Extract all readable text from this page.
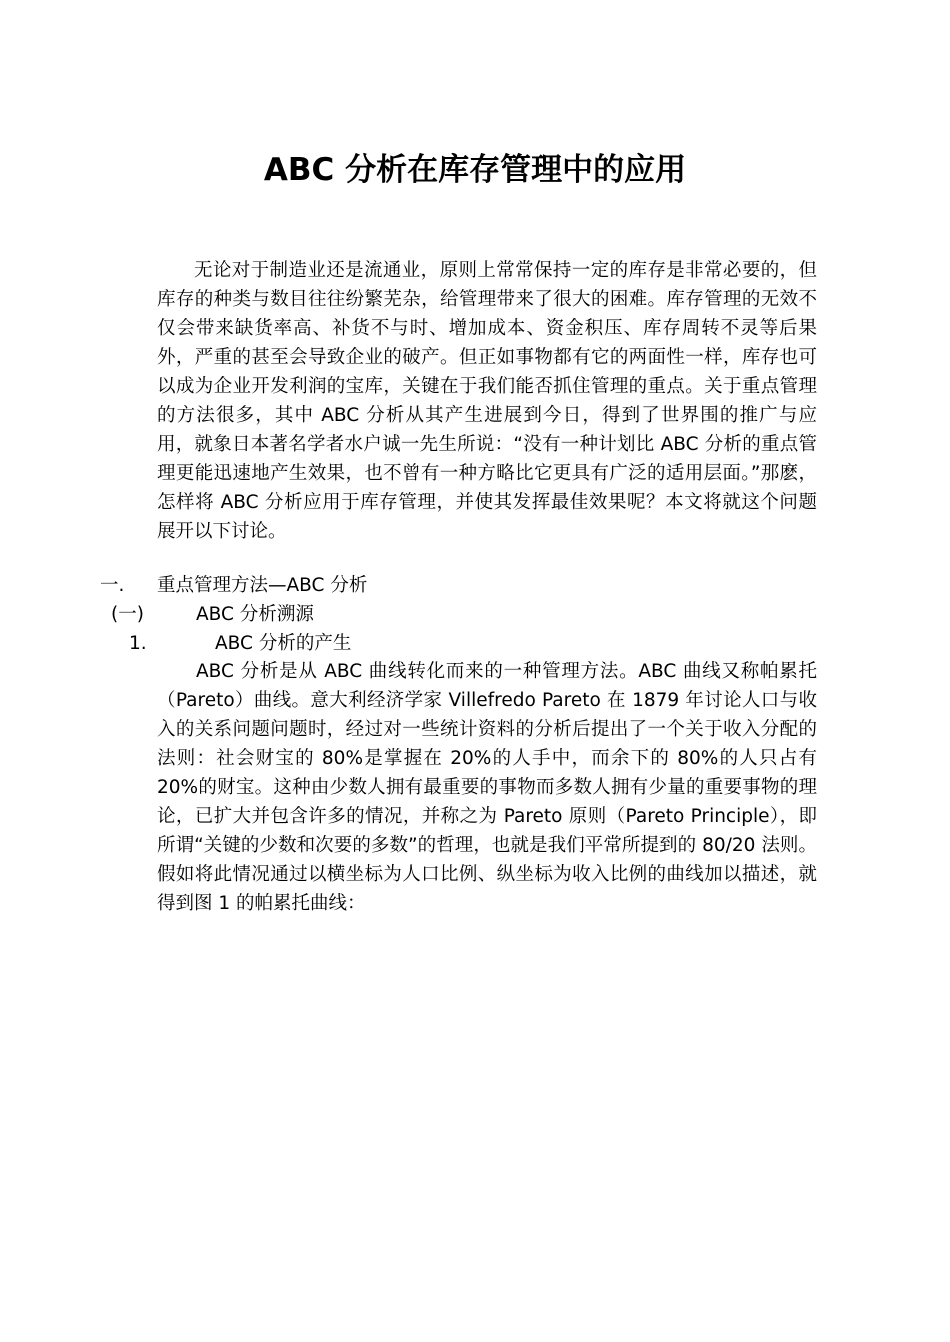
ABC 分析在库存管理中的应用

无论对于制造业还是流通业，原则上常常保持一定的库存是非常必要的，但库存的种类与数目往往纷繁芜杂，给管理带来了很大的困难。库存管理的无效不仅会带来缺货率高、补货不与时、增加成本、资金积压、库存周转不灵等后果外，严重的甚至会导致企业的破产。但正如事物都有它的两面性一样，库存也可以成为企业开发利润的宝库，关键在于我们能否抓住管理的重点。关于重点管理的方法很多，其中 ABC 分析从其产生进展到今日，得到了世界围的推广与应用，就象日本著名学者水户诚一先生所说：“没有一种计划比 ABC 分析的重点管理更能迅速地产生效果，也不曾有一种方略比它更具有广泛的适用层面。”那麽，怎样将 ABC 分析应用于库存管理，并使其发挥最佳效果呢？本文将就这个问题展开以下讨论。

一. 重点管理方法—ABC 分析
(一)	ABC 分析溯源
1.	ABC 分析的产生

ABC 分析是从 ABC 曲线转化而来的一种管理方法。ABC 曲线又称帕累托（Pareto）曲线。意大利经济学家 Villefredo Pareto 在 1879 年讨论人口与收入的关系问题问题时，经过对一些统计资料的分析后提出了一个关于收入分配的法则：社会财宝的 80%是掌握在 20%的人手中，而余下的 80%的人只占有 20%的财宝。这种由少数人拥有最重要的事物而多数人拥有少量的重要事物的理论，已扩大并包含许多的情况，并称之为 Pareto 原则（Pareto Principle），即所谓“关键的少数和次要的多数”的哲理，也就是我们平常所提到的 80/20 法则。假如将此情况通过以横坐标为人口比例、纵坐标为收入比例的曲线加以描述，就得到图 1 的帕累托曲线：
